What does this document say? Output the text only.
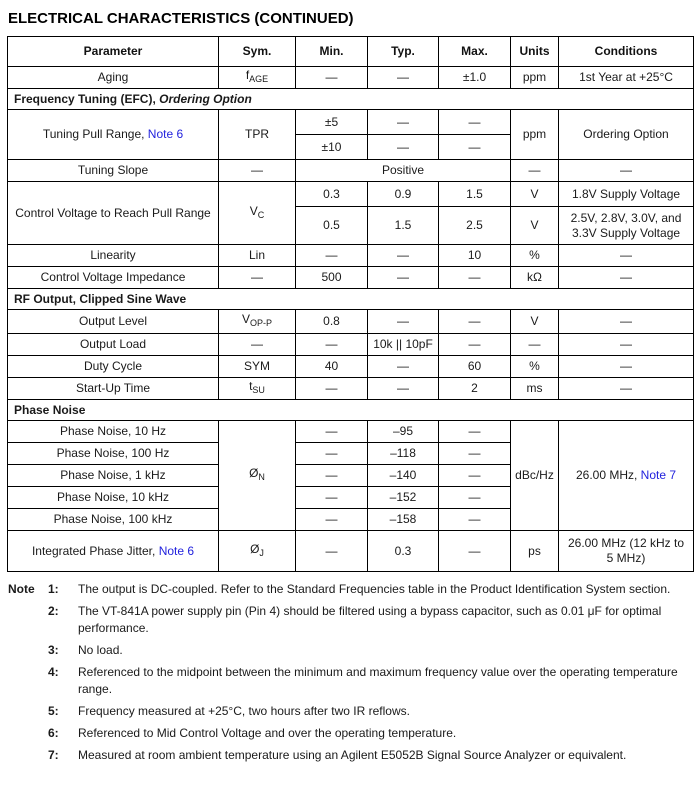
ELECTRICAL CHARACTERISTICS (CONTINUED)
Parameter	Sym.	Min.	Typ.	Max.	Units	Conditions
Aging	$f_{AGE}$	—	—	±1.0	ppm	1st Year at +25°C
Frequency Tuning (EFC), Ordering Option						
Tuning Pull Range, Note 6	TPR	±5	—	—	ppm	Ordering Option
		±10	—	—		
Tuning Slope	—	Positive			—	—
Control Voltage to Reach Pull Range	$V_C$	0.3	0.9	1.5	V	1.8V Supply Voltage
		0.5	1.5	2.5	V	2.5V, 2.8V, 3.0V, and 3.3V Supply Voltage
Linearity	Lin	—	—	10	%	—
Control Voltage Impedance	—	500	—	—	kΩ	—
RF Output, Clipped Sine Wave						
Output Level	$V_{OP-P}$	0.8	—	—	V	—
Output Load	—	—	10k || 10pF	—	—	—
Duty Cycle	SYM	40	—	60	%	—
Start-Up Time	$t_{SU}$	—	—	2	ms	—
Phase Noise						
Phase Noise, 10 Hz	$Ø_N$	—	–95	—	dBc/Hz	26.00 MHz, Note 7
Phase Noise, 100 Hz		—	–118	—		
Phase Noise, 1 kHz		—	–140	—		
Phase Noise, 10 kHz		—	–152	—		
Phase Noise, 100 kHz		—	–158	—		
Integrated Phase Jitter, Note 6	$Ø_J$	—	0.3	—	ps	26.00 MHz (12 kHz to 5 MHz)
Note	1:	The output is DC-coupled. Refer to the Standard Frequencies table in the Product Identification System section.
2:	The VT-841A power supply pin (Pin 4) should be filtered using a bypass capacitor, such as 0.01 μF for optimal performance.
3:	No load.
4:	Referenced to the midpoint between the minimum and maximum frequency value over the operating temperature range.
5:	Frequency measured at +25°C, two hours after two IR reflows.
6:	Referenced to Mid Control Voltage and over the operating temperature.
7:	Measured at room ambient temperature using an Agilent E5052B Signal Source Analyzer or equivalent.
